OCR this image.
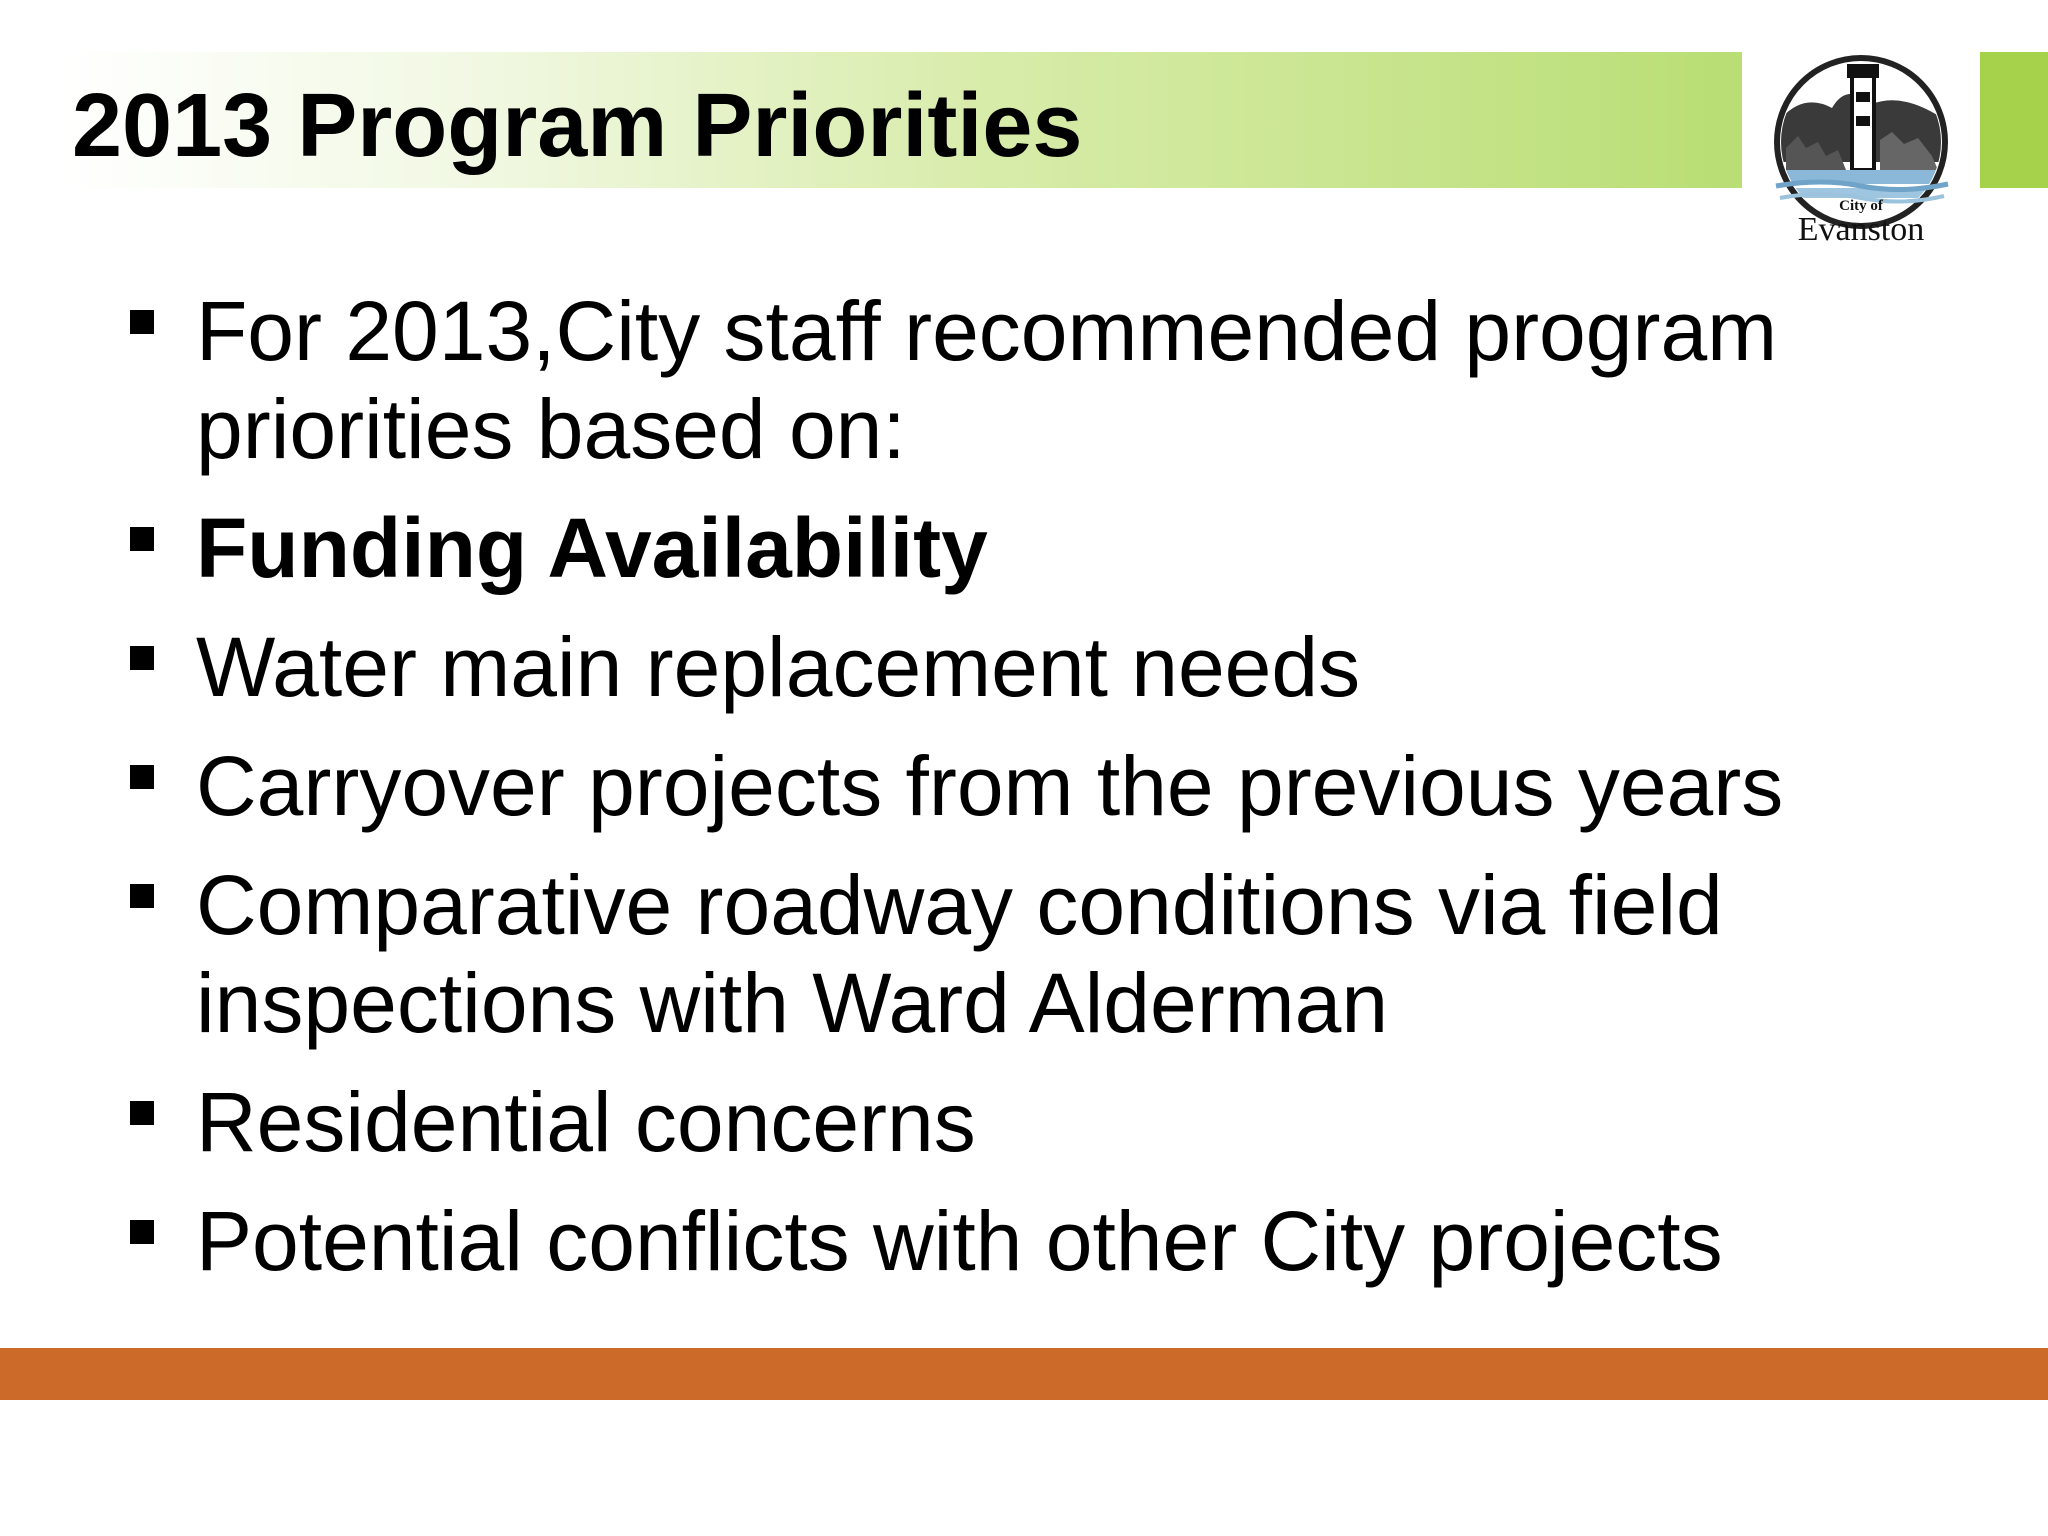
2013 Program Priorities
City of
Evanston
For 2013,City staff recommended program priorities based on:
Funding Availability
Water main replacement needs
Carryover projects from the previous years
Comparative roadway conditions via field inspections with Ward Alderman
Residential concerns
Potential conflicts with other City projects
